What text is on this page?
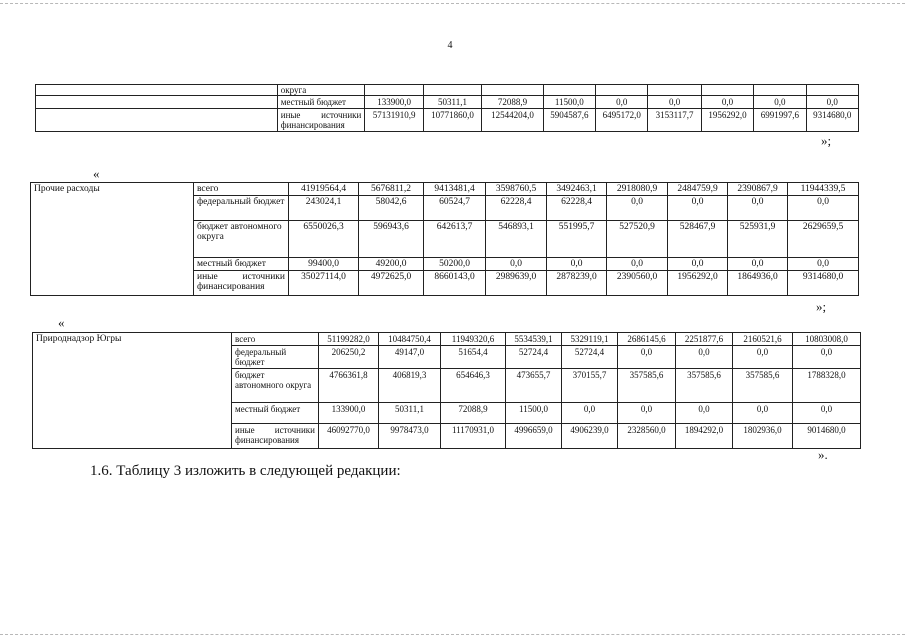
4
	округа									
	местный бюджет	133900,0	50311,1	72088,9	11500,0	0,0	0,0	0,0	0,0	0,0
	иные источники финансирования	57131910,9	10771860,0	12544204,0	5904587,6	6495172,0	3153117,7	1956292,0	6991997,6	9314680,0
»;
«
Прочие расходы	всего	41919564,4	5676811,2	9413481,4	3598760,5	3492463,1	2918080,9	2484759,9	2390867,9	11944339,5
	федеральный бюджет	243024,1	58042,6	60524,7	62228,4	62228,4	0,0	0,0	0,0	0,0
	бюджет автономного округа	6550026,3	596943,6	642613,7	546893,1	551995,7	527520,9	528467,9	525931,9	2629659,5
	местный бюджет	99400,0	49200,0	50200,0	0,0	0,0	0,0	0,0	0,0	0,0
	иные источники финансирования	35027114,0	4972625,0	8660143,0	2989639,0	2878239,0	2390560,0	1956292,0	1864936,0	9314680,0
»;
«
Природнадзор Югры	всего	51199282,0	10484750,4	11949320,6	5534539,1	5329119,1	2686145,6	2251877,6	2160521,6	10803008,0
	федеральный бюджет	206250,2	49147,0	51654,4	52724,4	52724,4	0,0	0,0	0,0	0,0
	бюджет автономного округа	4766361,8	406819,3	654646,3	473655,7	370155,7	357585,6	357585,6	357585,6	1788328,0
	местный бюджет	133900,0	50311,1	72088,9	11500,0	0,0	0,0	0,0	0,0	0,0
	иные источники финансирования	46092770,0	9978473,0	11170931,0	4996659,0	4906239,0	2328560,0	1894292,0	1802936,0	9014680,0
».
1.6. Таблицу 3 изложить в следующей редакции:
